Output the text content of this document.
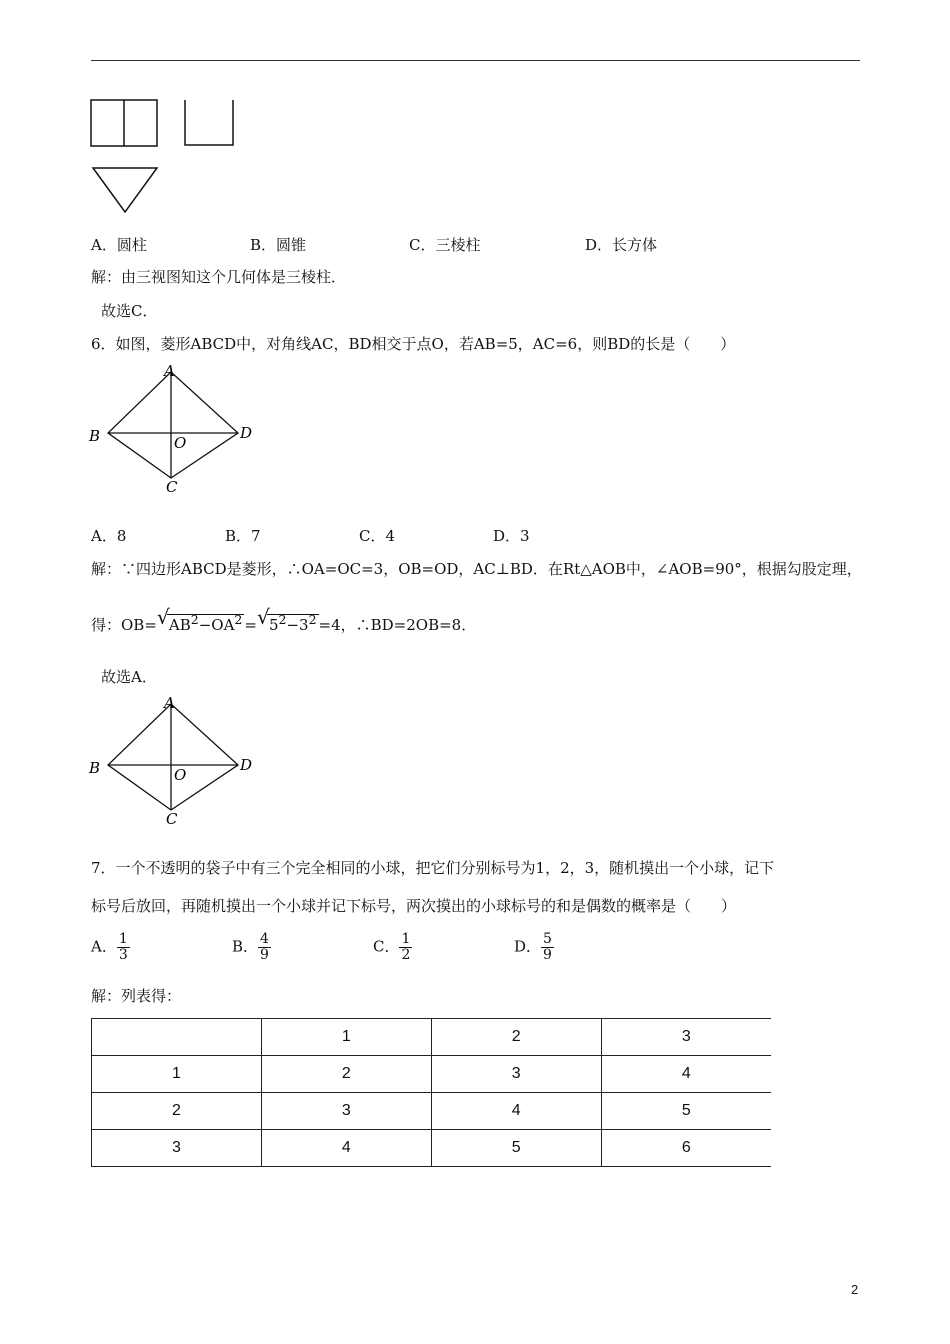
A．圆柱	B．圆锥	C．三棱柱	D．长方体
解：由三视图知这个几何体是三棱柱．
故选C．
6．如图，菱形ABCD中，对角线AC，BD相交于点O，若AB=5，AC=6，则BD的长是（　　）
A
B
C
D
O
A．8	B．7	C．4	D．3
解：∵四边形ABCD是菱形，∴OA=OC=3，OB=OD，AC⊥BD．在Rt△AOB中，∠AOB=90°，根据勾股定理，
得：OB= √ $AB^2-OA^2$ = √ $5^2-3^2 =4$，∴BD=2OB=8．
故选A．
A
B
C
D
O
7．一个不透明的袋子中有三个完全相同的小球，把它们分别标号为1，2，3，随机摸出一个小球，记下
标号后放回，再随机摸出一个小球并记下标号，两次摸出的小球标号的和是偶数的概率是（　　）
A． $\frac{1}{3}$	B． $\frac{4}{9}$	C． $\frac{1}{2}$	D． $\frac{5}{9}$
解：列表得：
	1	2	3
1	2	3	4
2	3	4	5
3	4	5	6
2
